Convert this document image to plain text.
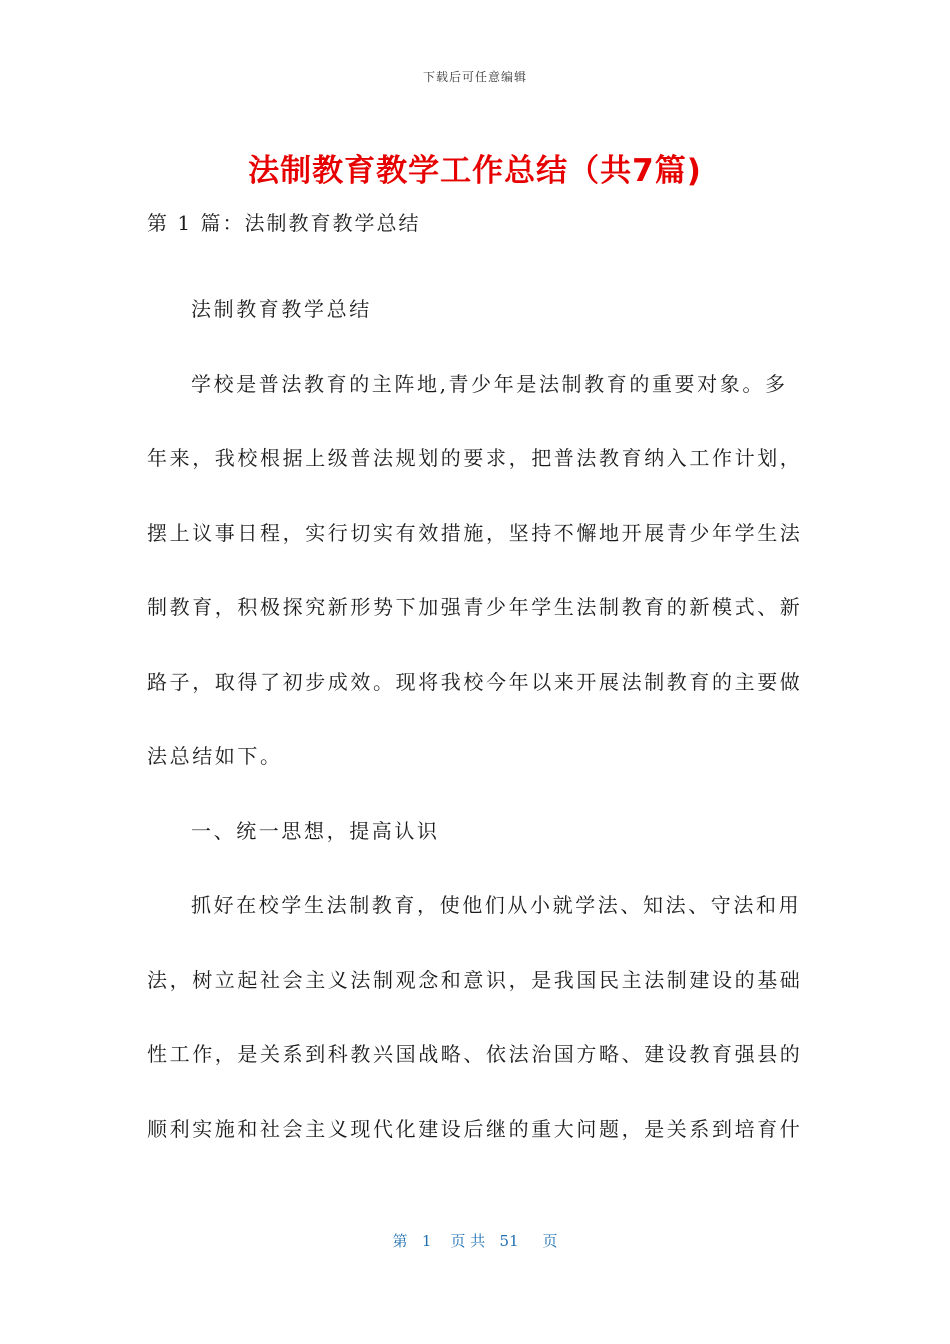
下载后可任意编辑
法制教育教学工作总结（共7篇)
第 1 篇：法制教育教学总结

法制教育教学总结

学校是普法教育的主阵地,青少年是法制教育的重要对象。多年来，我校根据上级普法规划的要求，把普法教育纳入工作计划，摆上议事日程，实行切实有效措施，坚持不懈地开展青少年学生法制教育，积极探究新形势下加强青少年学生法制教育的新模式、新路子，取得了初步成效。现将我校今年以来开展法制教育的主要做法总结如下。

一、统一思想，提高认识

抓好在校学生法制教育，使他们从小就学法、知法、守法和用法，树立起社会主义法制观念和意识，是我国民主法制建设的基础性工作，是关系到科教兴国战略、依法治国方略、建设教育强县的顺利实施和社会主义现代化建设后继的重大问题，是关系到培育什

第 1 页 共 51 页
